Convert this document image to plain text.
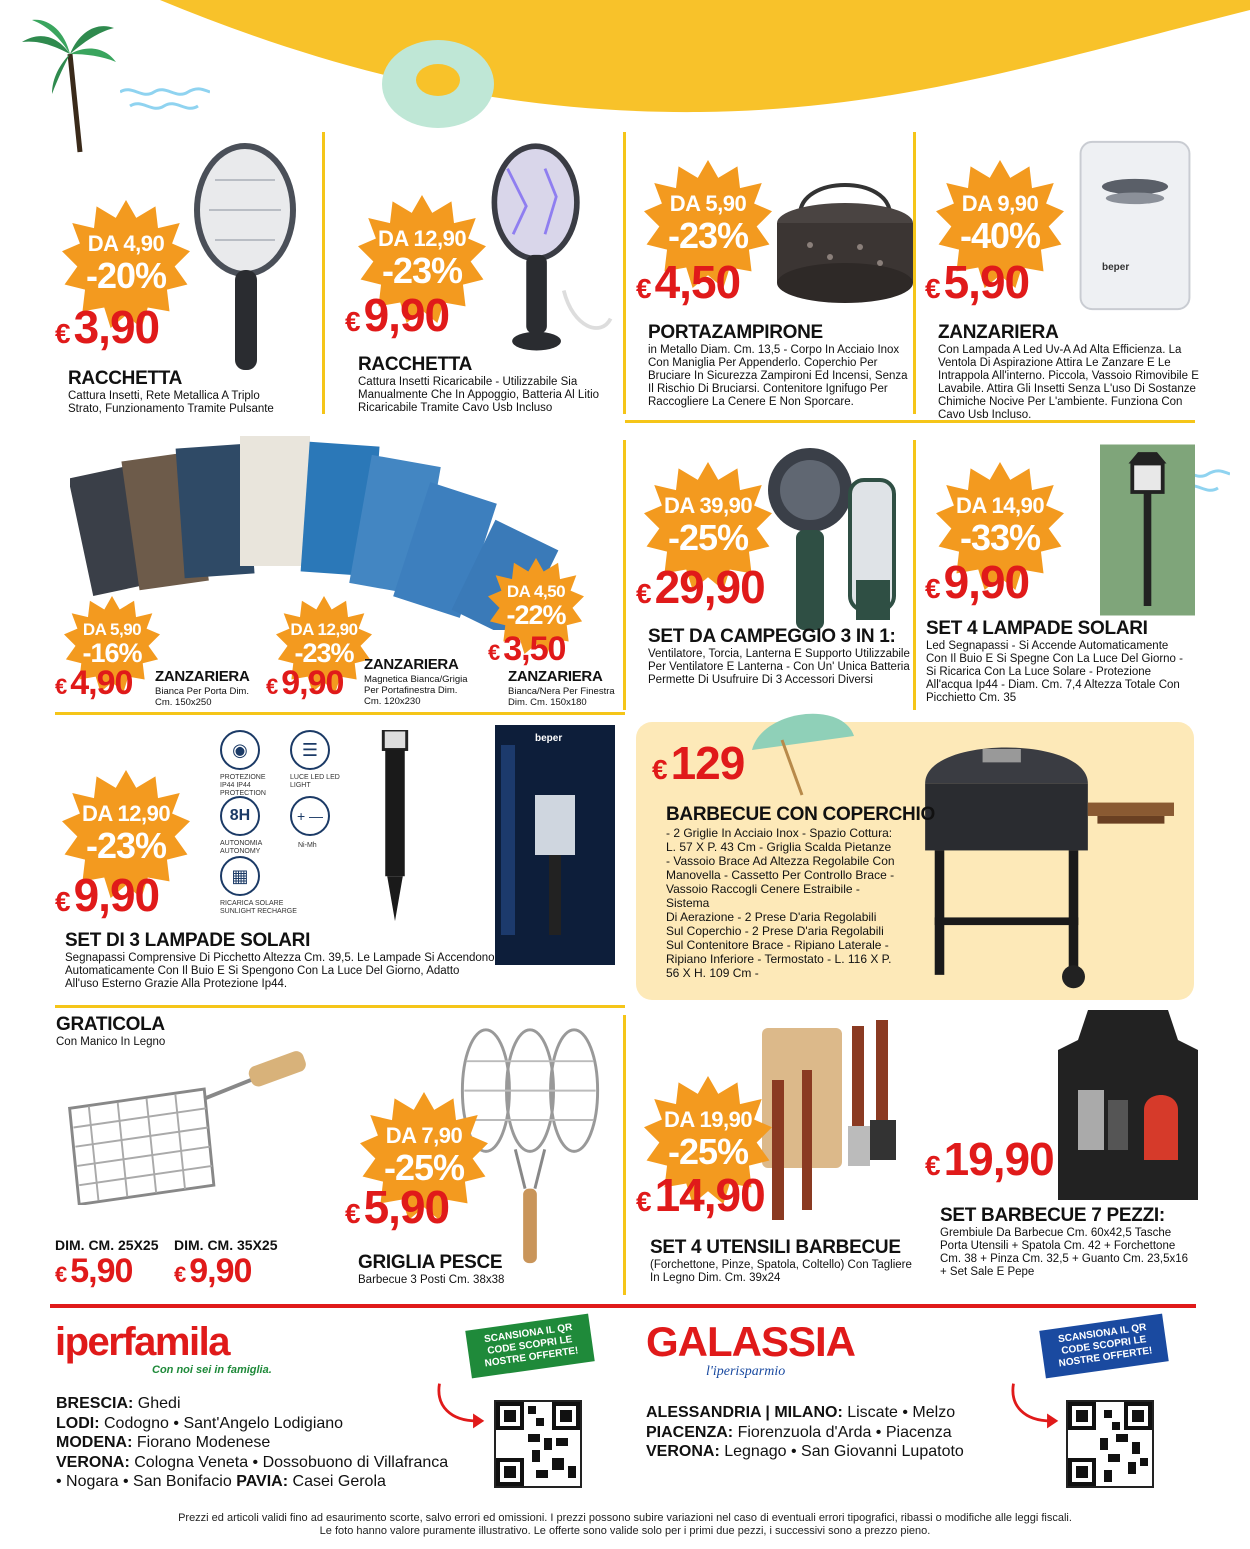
DA 4,90
-20%
€3,90
RACCHETTA
Cattura Insetti, Rete Metallica A Triplo Strato, Funzionamento Tramite Pulsante
DA 12,90
-23%
€9,90
RACCHETTA
Cattura Insetti Ricaricabile - Utilizzabile Sia Manualmente Che In Appoggio, Batteria Al Litio Ricaricabile Tramite Cavo Usb Incluso
DA 5,90
-23%
€4,50
PORTAZAMPIRONE
in Metallo Diam. Cm. 13,5 - Corpo In Acciaio Inox Con Maniglia Per Appenderlo. Coperchio Per Bruciare In Sicurezza Zampironi Ed Incensi, Senza Il Rischio Di Bruciarsi. Contenitore Ignifugo Per Raccogliere La Cenere E Non Sporcare.
beper
DA 9,90
-40%
€5,90
ZANZARIERA
Con Lampada A Led Uv-A Ad Alta Efficienza. La Ventola Di Aspirazione Attira Le Zanzare E Le Intrappola All'interno. Piccola, Vassoio Rimovibile E Lavabile. Attira Gli Insetti Senza L'uso Di Sostanze Chimiche Nocive Per L'ambiente. Funziona Con Cavo Usb Incluso.
DA 5,90
-16%
€ 4,90 ZANZARIERA
Bianca Per Porta Dim. Cm. 150x250
DA 12,90
-23%
€ 9,90 ZANZARIERA
Magnetica Bianca/Grigia Per Portafinestra Dim. Cm. 120x230
DA 4,50
-22%
€ 3,50
ZANZARIERA
Bianca/Nera Per Finestra Dim. Cm. 150x180
DA 39,90
-25%
€29,90
SET DA CAMPEGGIO 3 IN 1:
Ventilatore, Torcia, Lanterna E Supporto Utilizzabile Per Ventilatore E Lanterna - Con Un' Unica Batteria Permette Di Usufruire Di 3 Accessori Diversi
DA 14,90
-33%
€9,90
SET 4 LAMPADE SOLARI
Led Segnapassi - Si Accende Automaticamente Con Il Buio E Si Spegne Con La Luce Del Giorno - Si Ricarica Con La Luce Solare - Protezione All'acqua Ip44 - Diam. Cm. 7,4 Altezza Totale Con Picchietto Cm. 35
◉
PROTEZIONE IP44 IP44 PROTECTION
☰
LUCE LED LED LIGHT
8H
AUTONOMIA AUTONOMY
+ —
Ni-Mh
▦
RICARICA SOLARE SUNLIGHT RECHARGE
beper
DA 12,90
-23%
€9,90
SET DI 3 LAMPADE SOLARI
Segnapassi Comprensive Di Picchetto Altezza Cm. 39,5. Le Lampade Si Accendono Automaticamente Con Il Buio E Si Spengono Con La Luce Del Giorno, Adatto All'uso Esterno Grazie Alla Protezione Ip44.
€129
BARBECUE CON COPERCHIO
- 2 Griglie In Acciaio Inox - Spazio Cottura:
L. 57 X P. 43 Cm - Griglia Scalda Pietanze
- Vassoio Brace Ad Altezza Regolabile Con
Manovella - Cassetto Per Controllo Brace -
Vassoio Raccogli Cenere Estraibile - Sistema
Di Aerazione - 2 Prese D'aria Regolabili
Sul Coperchio - 2 Prese D'aria Regolabili
Sul Contenitore Brace - Ripiano Laterale -
Ripiano Inferiore - Termostato - L. 116 X P.
56 X H. 109 Cm -
GRATICOLA
Con Manico In Legno
DIM. CM. 25X25 DIM. CM. 35X25
€ 5,90 € 9,90
DA 7,90
-25%
€5,90
GRIGLIA PESCE
Barbecue 3 Posti Cm. 38x38
DA 19,90
-25%
€14,90
SET 4 UTENSILI BARBECUE
(Forchettone, Pinze, Spatola, Coltello) Con Tagliere In Legno Dim. Cm. 39x24
€19,90
SET BARBECUE 7 PEZZI:
Grembiule Da Barbecue Cm. 60x42,5 Tasche Porta Utensili + Spatola Cm. 42 + Forchettone Cm. 38 + Pinza Cm. 32,5 + Guanto Cm. 23,5x16 + Set Sale E Pepe
iperfamila
Con noi sei in famiglia.
SCANSIONA IL QR CODE SCOPRI LE NOSTRE OFFERTE!
BRESCIA: Ghedi
LODI: Codogno • Sant'Angelo Lodigiano
MODENA: Fiorano Modenese
VERONA: Cologna Veneta • Dossobuono di Villafranca
• Nogara • San Bonifacio PAVIA: Casei Gerola
GALASSIA
l'iperisparmio
SCANSIONA IL QR CODE SCOPRI LE NOSTRE OFFERTE!
ALESSANDRIA | MILANO: Liscate • Melzo
PIACENZA: Fiorenzuola d'Arda • Piacenza
VERONA: Legnago • San Giovanni Lupatoto
Prezzi ed articoli validi fino ad esaurimento scorte, salvo errori ed omissioni. I prezzi possono subire variazioni nel caso di eventuali errori tipografici, ribassi o modifiche alle leggi fiscali.
Le foto hanno valore puramente illustrativo. Le offerte sono valide solo per i primi due pezzi, i successivi sono a prezzo pieno.
